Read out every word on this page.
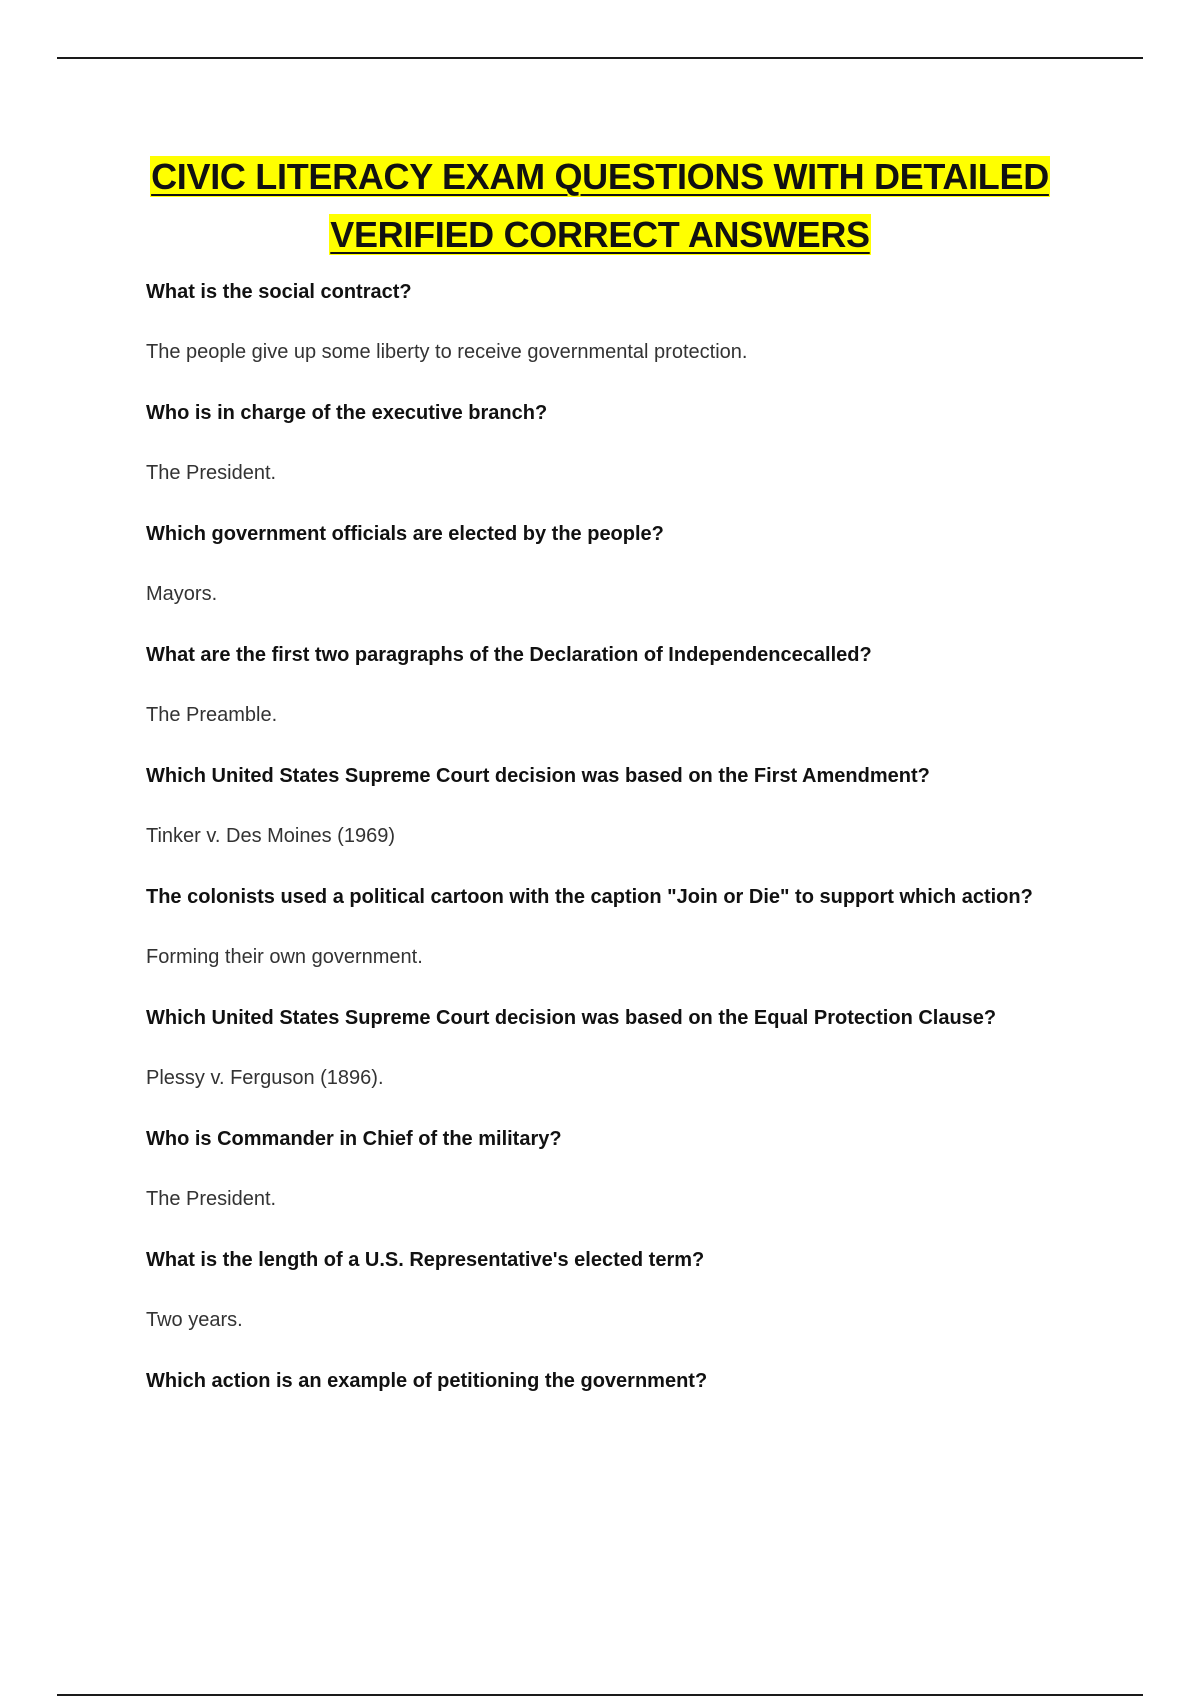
CIVIC LITERACY EXAM QUESTIONS WITH DETAILED
VERIFIED CORRECT ANSWERS
What is the social contract?
The people give up some liberty to receive governmental protection.
Who is in charge of the executive branch?
The President.
Which government officials are elected by the people?
Mayors.
What are the first two paragraphs of the Declaration of Independencecalled?
The Preamble.
Which United States Supreme Court decision was based on the First Amendment?
Tinker v. Des Moines (1969)
The colonists used a political cartoon with the caption "Join or Die" to support which action?
Forming their own government.
Which United States Supreme Court decision was based on the Equal Protection Clause?
Plessy v. Ferguson (1896).
Who is Commander in Chief of the military?
The President.
What is the length of a U.S. Representative's elected term?
Two years.
Which action is an example of petitioning the government?
